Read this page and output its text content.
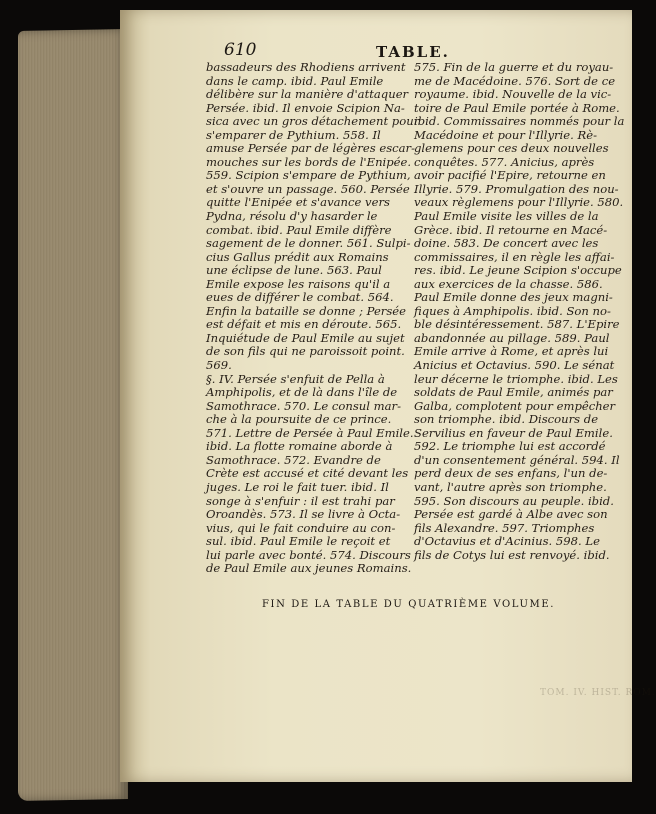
610	TABLE.
bassadeurs des Rhodiens arrivent
dans le camp. ibid. Paul Emile
délibère sur la manière d'attaquer
Persée. ibid. Il envoie Scipion Na-
sica avec un gros détachement pour
s'emparer de Pythium. 558. Il
amuse Persée par de légères escar-
mouches sur les bords de l'Enipée.
559. Scipion s'empare de Pythium,
et s'ouvre un passage. 560. Persée
quitte l'Enipée et s'avance vers
Pydna, résolu d'y hasarder le
combat. ibid. Paul Emile diffère
sagement de le donner. 561. Sulpi-
cius Gallus prédit aux Romains
une éclipse de lune. 563. Paul
Emile expose les raisons qu'il a
eues de différer le combat. 564.
Enfin la bataille se donne ; Persée
est défait et mis en déroute. 565.
Inquiétude de Paul Emile au sujet
de son fils qui ne paroissoit point.
569.
§. IV. Persée s'enfuit de Pella à
Amphipolis, et de là dans l'île de
Samothrace. 570. Le consul mar-
che à la poursuite de ce prince.
571. Lettre de Persée à Paul Emile.
ibid. La flotte romaine aborde à
Samothrace. 572. Evandre de
Crète est accusé et cité devant les
juges. Le roi le fait tuer. ibid. Il
songe à s'enfuir : il est trahi par
Oroandès. 573. Il se livre à Octa-
vius, qui le fait conduire au con-
sul. ibid. Paul Emile le reçoit et
lui parle avec bonté. 574. Discours
de Paul Emile aux jeunes Romains.
575. Fin de la guerre et du royau-
me de Macédoine. 576. Sort de ce
royaume. ibid. Nouvelle de la vic-
toire de Paul Emile portée à Rome.
ibid. Commissaires nommés pour la
Macédoine et pour l'Illyrie. Rè-
glemens pour ces deux nouvelles
conquêtes. 577. Anicius, après
avoir pacifié l'Epire, retourne en
Illyrie. 579. Promulgation des nou-
veaux règlemens pour l'Illyrie. 580.
Paul Emile visite les villes de la
Grèce. ibid. Il retourne en Macé-
doine. 583. De concert avec les
commissaires, il en règle les affai-
res. ibid. Le jeune Scipion s'occupe
aux exercices de la chasse. 586.
Paul Emile donne des jeux magni-
fiques à Amphipolis. ibid. Son no-
ble désintéressement. 587. L'Epire
abandonnée au pillage. 589. Paul
Emile arrive à Rome, et après lui
Anicius et Octavius. 590. Le sénat
leur décerne le triomphe. ibid. Les
soldats de Paul Emile, animés par
Galba, complotent pour empêcher
son triomphe. ibid. Discours de
Servilius en faveur de Paul Emile.
592. Le triomphe lui est accordé
d'un consentement général. 594. Il
perd deux de ses enfans, l'un de-
vant, l'autre après son triomphe.
595. Son discours au peuple. ibid.
Persée est gardé à Albe avec son
fils Alexandre. 597. Triomphes
d'Octavius et d'Acinius. 598. Le
fils de Cotys lui est renvoyé. ibid.
FIN DE LA TABLE DU QUATRIÈME VOLUME.
TOM. IV. HIST. ROM.
